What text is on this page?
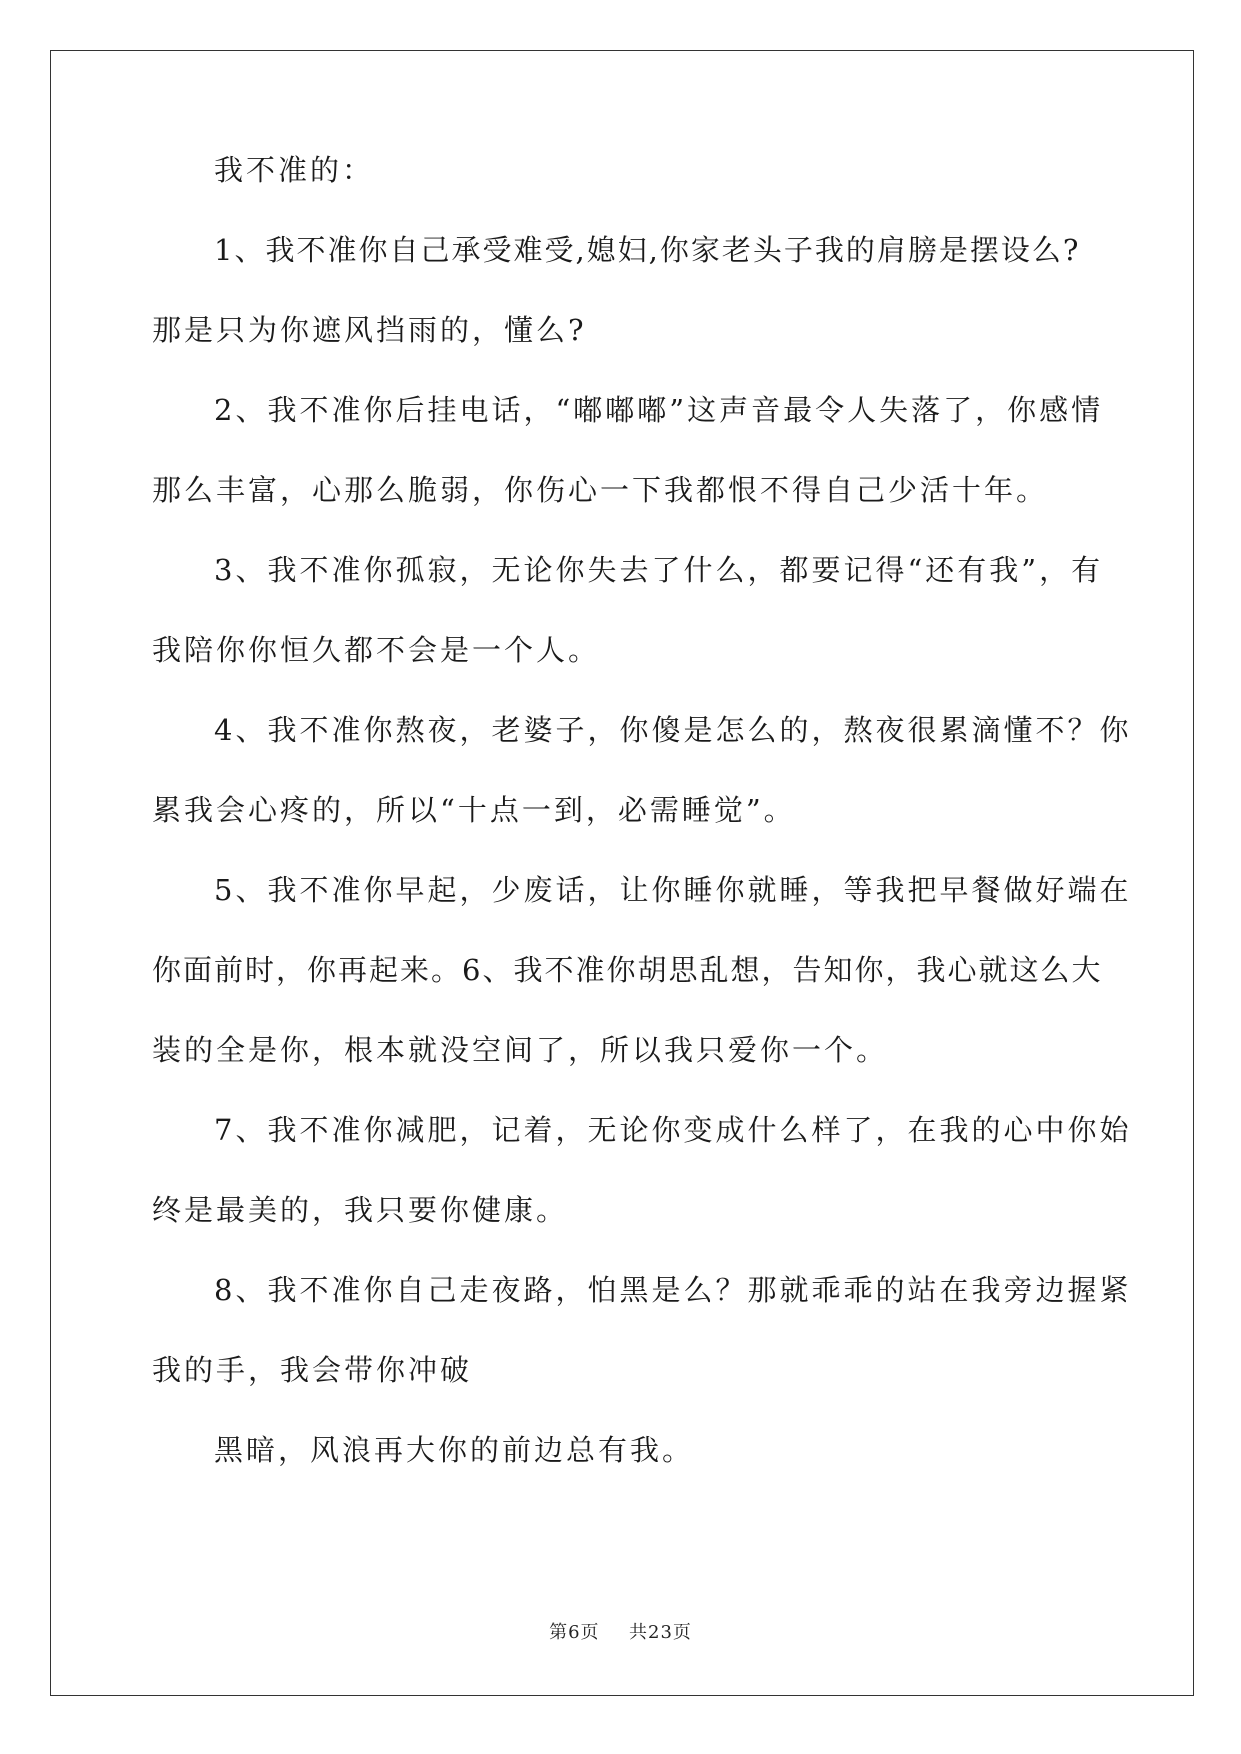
我不准的：
1、我不准你自己承受难受,媳妇,你家老头子我的肩膀是摆设么?
那是只为你遮风挡雨的，懂么?
2、我不准你后挂电话，“嘟嘟嘟”这声音最令人失落了，你感情
那么丰富，心那么脆弱，你伤心一下我都恨不得自己少活十年。
3、我不准你孤寂，无论你失去了什么，都要记得“还有我”，有
我陪你你恒久都不会是一个人。
4、我不准你熬夜，老婆子，你傻是怎么的，熬夜很累滴懂不？你
累我会心疼的，所以“十点一到，必需睡觉”。
5、我不准你早起，少废话，让你睡你就睡，等我把早餐做好端在
你面前时，你再起来。6、我不准你胡思乱想，告知你，我心就这么大
装的全是你，根本就没空间了，所以我只爱你一个。
7、我不准你减肥，记着，无论你变成什么样了，在我的心中你始
终是最美的，我只要你健康。
8、我不准你自己走夜路，怕黑是么？那就乖乖的站在我旁边握紧
我的手，我会带你冲破
黑暗，风浪再大你的前边总有我。
第6页 共23页
